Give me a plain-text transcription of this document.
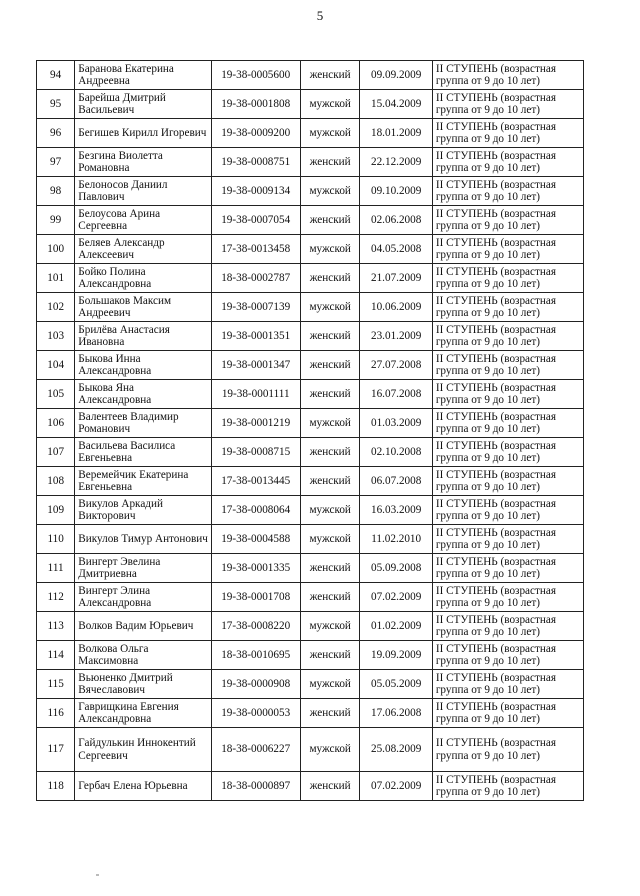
5
94	Баранова Екатерина Андреевна	19-38-0005600	женский	09.09.2009	II СТУПЕНЬ (возрастная группа от 9 до 10 лет)

95	Барейша Дмитрий Васильевич	19-38-0001808	мужской	15.04.2009	II СТУПЕНЬ (возрастная группа от 9 до 10 лет)

96	Бегишев Кирилл Игоревич	19-38-0009200	мужской	18.01.2009	II СТУПЕНЬ (возрастная группа от 9 до 10 лет)

97	Безгина Виолетта Романовна	19-38-0008751	женский	22.12.2009	II СТУПЕНЬ (возрастная группа от 9 до 10 лет)

98	Белоносов Даниил Павлович	19-38-0009134	мужской	09.10.2009	II СТУПЕНЬ (возрастная группа от 9 до 10 лет)

99	Белоусова Арина Сергеевна	19-38-0007054	женский	02.06.2008	II СТУПЕНЬ (возрастная группа от 9 до 10 лет)

100	Беляев Александр Алексеевич	17-38-0013458	мужской	04.05.2008	II СТУПЕНЬ (возрастная группа от 9 до 10 лет)

101	Бойко Полина Александровна	18-38-0002787	женский	21.07.2009	II СТУПЕНЬ (возрастная группа от 9 до 10 лет)

102	Большаков Максим Андреевич	19-38-0007139	мужской	10.06.2009	II СТУПЕНЬ (возрастная группа от 9 до 10 лет)

103	Брилёва Анастасия Ивановна	19-38-0001351	женский	23.01.2009	II СТУПЕНЬ (возрастная группа от 9 до 10 лет)

104	Быкова Инна Александровна	19-38-0001347	женский	27.07.2008	II СТУПЕНЬ (возрастная группа от 9 до 10 лет)

105	Быкова Яна Александровна	19-38-0001111	женский	16.07.2008	II СТУПЕНЬ (возрастная группа от 9 до 10 лет)

106	Валентеев Владимир Романович	19-38-0001219	мужской	01.03.2009	II СТУПЕНЬ (возрастная группа от 9 до 10 лет)

107	Васильева Василиса Евгеньевна	19-38-0008715	женский	02.10.2008	II СТУПЕНЬ (возрастная группа от 9 до 10 лет)

108	Веремейчик Екатерина Евгеньевна	17-38-0013445	женский	06.07.2008	II СТУПЕНЬ (возрастная группа от 9 до 10 лет)

109	Викулов Аркадий Викторович	17-38-0008064	мужской	16.03.2009	II СТУПЕНЬ (возрастная группа от 9 до 10 лет)

110	Викулов Тимур Антонович	19-38-0004588	мужской	11.02.2010	II СТУПЕНЬ (возрастная группа от 9 до 10 лет)

111	Вингерт Эвелина Дмитриевна	19-38-0001335	женский	05.09.2008	II СТУПЕНЬ (возрастная группа от 9 до 10 лет)

112	Вингерт Элина Александровна	19-38-0001708	женский	07.02.2009	II СТУПЕНЬ (возрастная группа от 9 до 10 лет)

113	Волков Вадим Юрьевич	17-38-0008220	мужской	01.02.2009	II СТУПЕНЬ (возрастная группа от 9 до 10 лет)

114	Волкова Ольга Максимовна	18-38-0010695	женский	19.09.2009	II СТУПЕНЬ (возрастная группа от 9 до 10 лет)

115	Вьюненко Дмитрий Вячеславович	19-38-0000908	мужской	05.05.2009	II СТУПЕНЬ (возрастная группа от 9 до 10 лет)

116	Гаврищкина Евгения Александровна	19-38-0000053	женский	17.06.2008	II СТУПЕНЬ (возрастная группа от 9 до 10 лет)

117	Гайдулькин Иннокентий Сергеевич	18-38-0006227	мужской	25.08.2009	II СТУПЕНЬ (возрастная группа от 9 до 10 лет)

118	Гербач Елена Юрьевна	18-38-0000897	женский	07.02.2009	II СТУПЕНЬ (возрастная группа от 9 до 10 лет)
